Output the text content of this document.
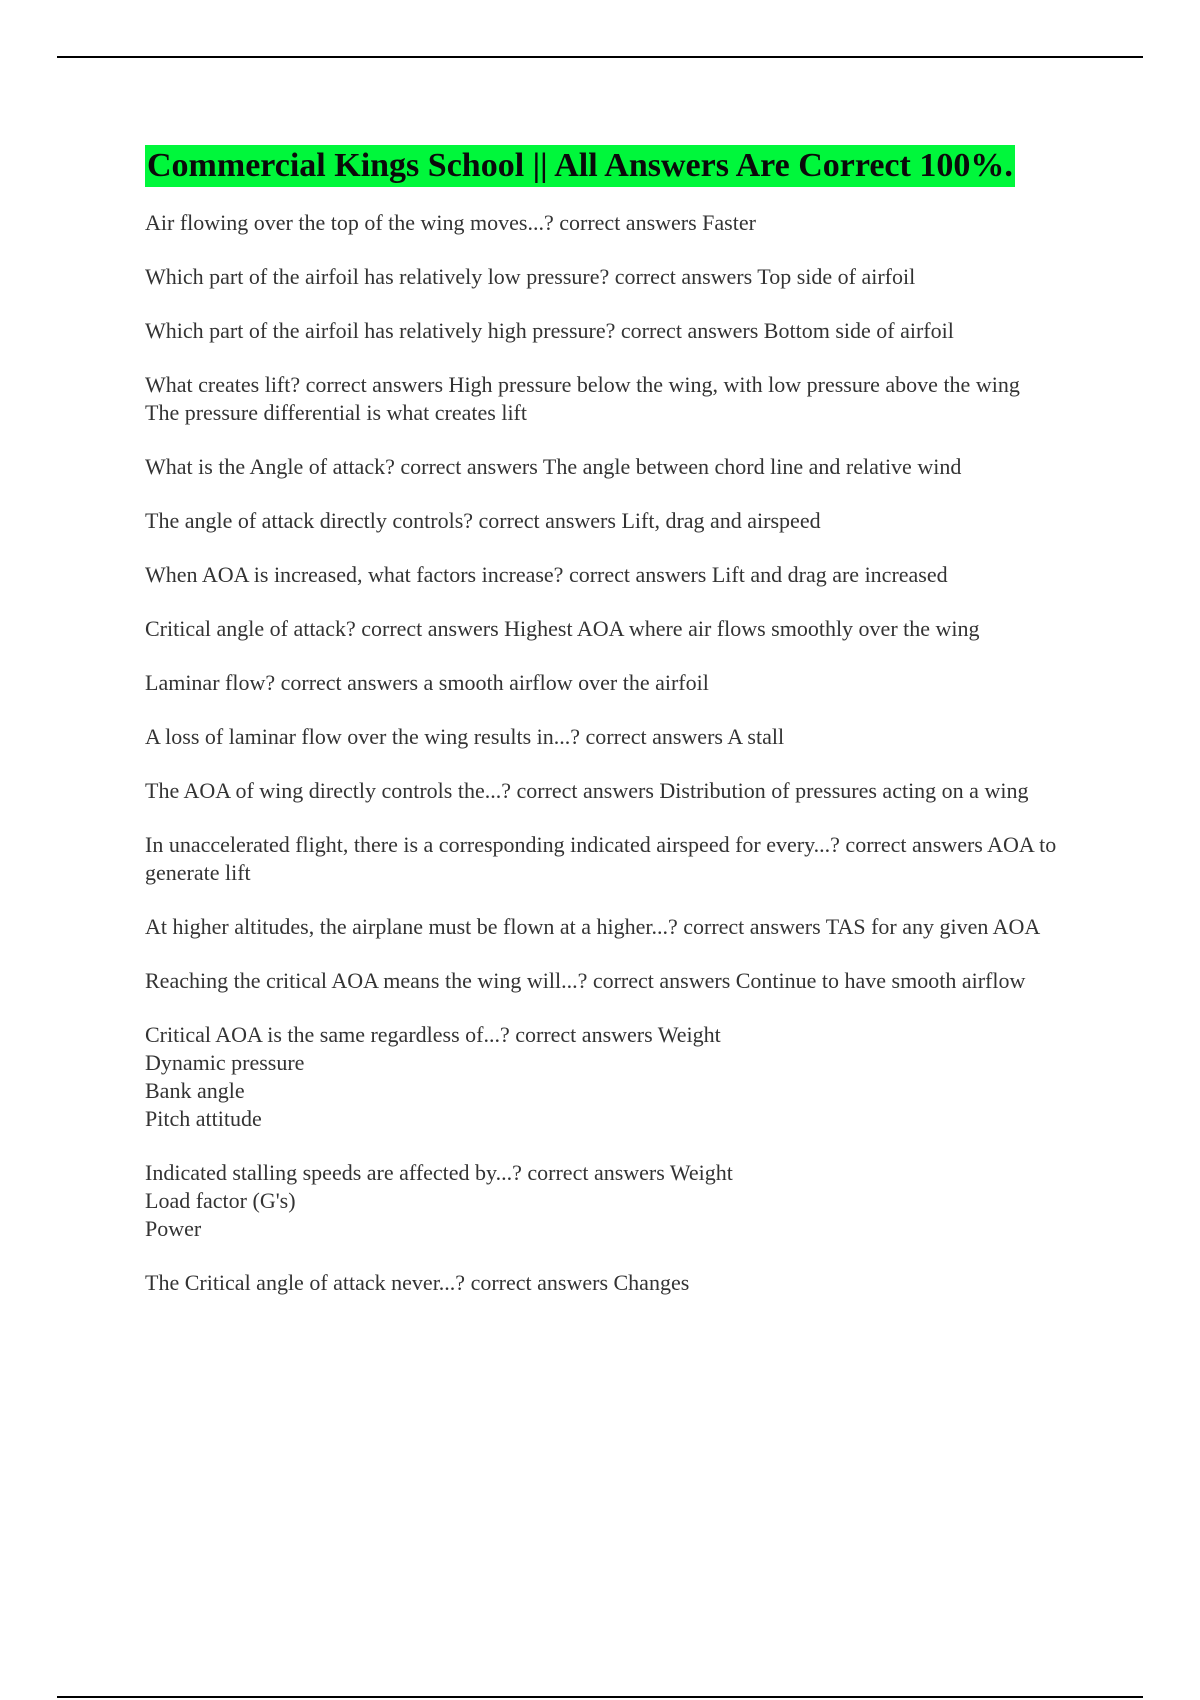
Commercial Kings School || All Answers Are Correct 100%.
Air flowing over the top of the wing moves...? correct answers Faster
Which part of the airfoil has relatively low pressure? correct answers Top side of airfoil
Which part of the airfoil has relatively high pressure? correct answers Bottom side of airfoil
What creates lift? correct answers High pressure below the wing, with low pressure above the wing
The pressure differential is what creates lift
What is the Angle of attack? correct answers The angle between chord line and relative wind
The angle of attack directly controls? correct answers Lift, drag and airspeed
When AOA is increased, what factors increase? correct answers Lift and drag are increased
Critical angle of attack? correct answers Highest AOA where air flows smoothly over the wing
Laminar flow? correct answers a smooth airflow over the airfoil
A loss of laminar flow over the wing results in...? correct answers A stall
The AOA of wing directly controls the...? correct answers Distribution of pressures acting on a wing
In unaccelerated flight, there is a corresponding indicated airspeed for every...? correct answers AOA to generate lift
At higher altitudes, the airplane must be flown at a higher...? correct answers TAS for any given AOA
Reaching the critical AOA means the wing will...? correct answers Continue to have smooth airflow
Critical AOA is the same regardless of...? correct answers Weight
Dynamic pressure
Bank angle
Pitch attitude
Indicated stalling speeds are affected by...? correct answers Weight
Load factor (G's)
Power
The Critical angle of attack never...? correct answers Changes
